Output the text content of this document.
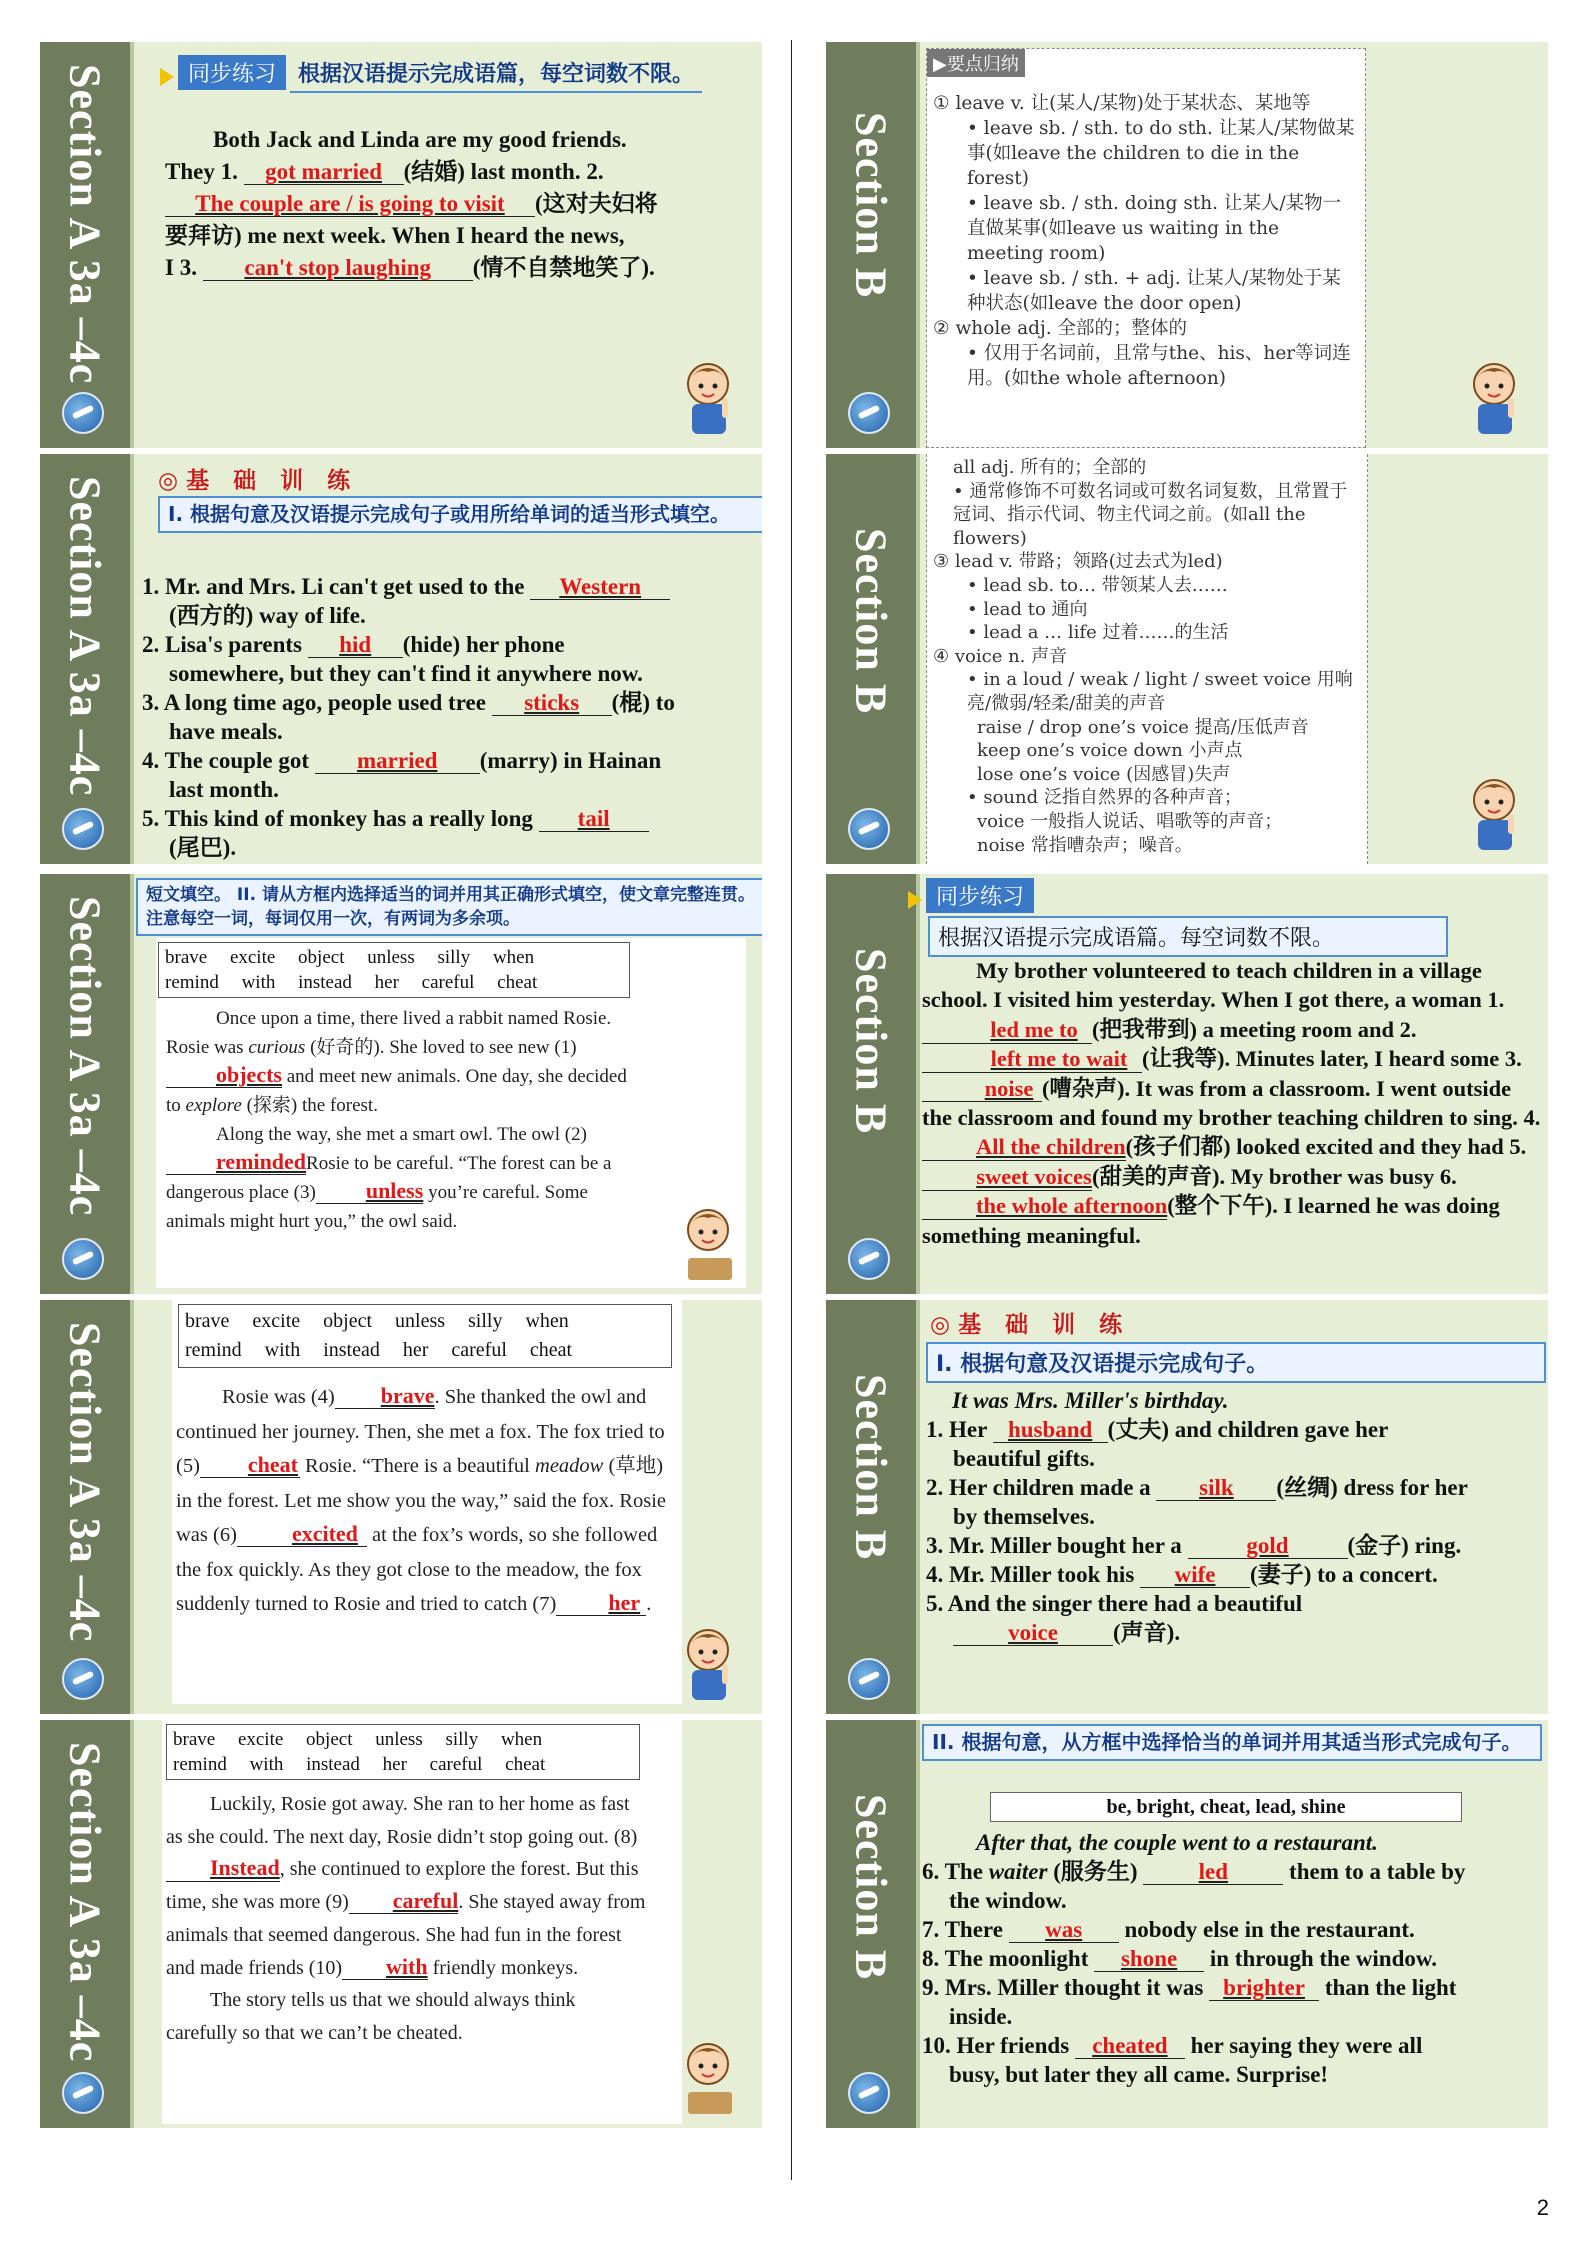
Section A 3a –4c	同步练习 根据汉语提示完成语篇，每空词数不限。
Both Jack and Linda are my good friends.
They 1. got married (结婚) last month. 2.
The couple are / is going to visit (这对夫妇将
要拜访) me next week. When I heard the news,
I 3. can't stop laughing (情不自禁地笑了).
Section A 3a –4c ◎基 础 训 练
I. 根据句意及汉语提示完成句子或用所给单词的适当形式填空。
1. Mr. and Mrs. Li can't get used to the Western
(西方的) way of life.
2. Lisa's parents hid (hide) her phone
somewhere, but they can't find it anywhere now.
3. A long time ago, people used tree sticks (棍) to
have meals.
4. The couple got married (marry) in Hainan
last month.
5. This kind of monkey has a really long tail
(尾巴).
Section A 3a –4c
短文填空。 II. 请从方框内选择适当的词并用其正确形式填空，使文章完整连贯。注意每空一词，每词仅用一次，有两词为多余项。
brave excite object unless silly when
remind with instead her careful cheat
Once upon a time, there lived a rabbit named Rosie. Rosie was curious (好奇的). She loved to see new (1)objects and meet new animals. One day, she decided to explore (探索) the forest.
Along the way, she met a smart owl. The owl (2)remindedRosie to be careful. “The forest can be a dangerous place (3) unless you’re careful. Some animals might hurt you,” the owl said.
Section A 3a –4c
brave excite object unless silly when
remind with instead her careful cheat
Rosie was (4) brave. She thanked the owl and continued her journey. Then, she met a fox. The fox tried to (5) cheat Rosie. “There is a beautiful meadow (草地) in the forest. Let me show you the way,” said the fox. Rosie was (6)	excited at the fox’s words, so she followed the fox quickly. As they got close to the meadow, the fox suddenly turned to Rosie and tried to catch (7) her .
Section A 3a –4c
brave excite object unless silly when
remind with instead her careful cheat
Luckily, Rosie got away. She ran to her home as fast as she could. The next day, Rosie didn’t stop going out. (8)Instead, she continued to explore the forest. But this time, she was more (9) careful. She stayed away from animals that seemed dangerous. She had fun in the forest and made friends (10) with friendly monkeys.
The story tells us that we should always think carefully so that we can’t be cheated.
Section B
▶要点归纳
① leave v. 让(某人/某物)处于某状态、某地等
• leave sb. / sth. to do sth. 让某人/某物做某事(如leave the children to die in the forest)
• leave sb. / sth. doing sth. 让某人/某物一直做某事(如leave us waiting in the meeting room)
• leave sb. / sth. + adj. 让某人/某物处于某种状态(如leave the door open)
② whole adj. 全部的；整体的
• 仅用于名词前，且常与the、his、her等词连用。(如the whole afternoon)
Section B
all adj. 所有的；全部的
• 通常修饰不可数名词或可数名词复数，且常置于冠词、指示代词、物主代词之前。(如all the flowers)
③ lead v. 带路；领路(过去式为led)
• lead sb. to… 带领某人去……
• lead to 通向
• lead a … life 过着……的生活
④ voice n. 声音
• in a loud / weak / light / sweet voice 用响亮/微弱/轻柔/甜美的声音
raise / drop one’s voice 提高/压低声音
keep one’s voice down 小声点
lose one’s voice (因感冒)失声
• sound 泛指自然界的各种声音；
voice 一般指人说话、唱歌等的声音；
noise 常指嘈杂声；噪音。
Section B
同步练习
根据汉语提示完成语篇。每空词数不限。
My brother volunteered to teach children in a village school. I visited him yesterday. When I got there, a woman 1. led me to (把我带到) a meeting room and 2. left me to wait (让我等). Minutes later, I heard some 3. noise (嘈杂声). It was from a classroom. I went outside the classroom and found my brother teaching children to sing. 4. All the children(孩子们都) looked excited and they had 5. sweet voices(甜美的声音). My brother was busy 6. the whole afternoon(整个下午). I learned he was doing something meaningful.
Section B
◎基 础 训 练
I. 根据句意及汉语提示完成句子。
It was Mrs. Miller's birthday.
1. Her husband (丈夫) and children gave her
beautiful gifts.
2. Her children made a silk (丝绸) dress for her
by themselves.
3. Mr. Miller bought her a	gold	(金子) ring.
4. Mr. Miller took his wife (妻子) to a concert.
5. And the singer there had a beautiful
voice (声音).
Section B
II. 根据句意，从方框中选择恰当的单词并用其适当形式完成句子。
be, bright, cheat, lead, shine
After that, the couple went to a restaurant.
6. The waiter (服务生) led them to a table by
the window.
7. There was nobody else in the restaurant.
8. The moonlight shone in through the window.
9. Mrs. Miller thought it was brighter than the light
inside.
10. Her friends cheated her saying they were all
busy, but later they all came. Surprise!
2
